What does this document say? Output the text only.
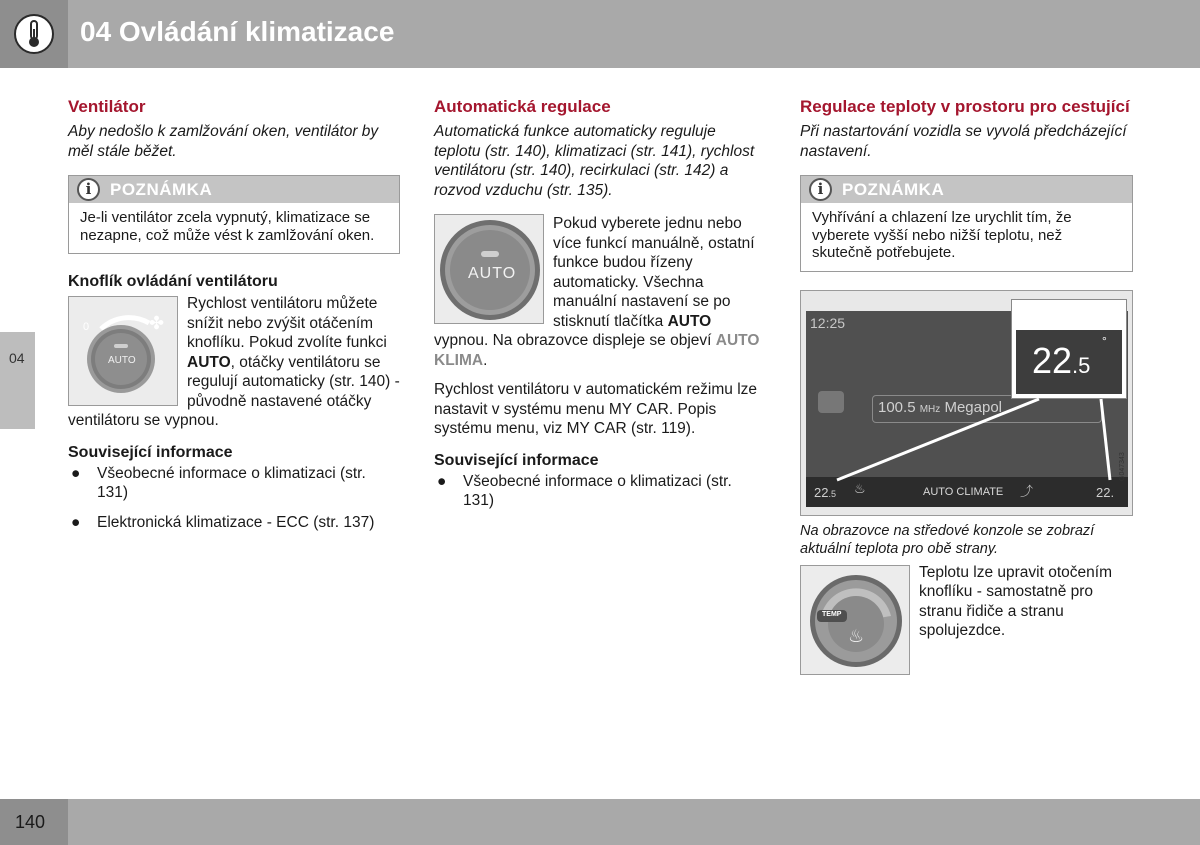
04 Ovládání klimatizace
04
Ventilátor
Aby nedošlo k zamlžování oken, ventilátor by měl stále běžet.
i	POZNÁMKA
Je-li ventilátor zcela vypnutý, klimatizace se nezapne, což může vést k zamlžování oken.
Knoflík ovládání ventilátoru
0	✤
AUTO
Rychlost ventilátoru můžete snížit nebo zvýšit otáčením knoflíku. Pokud zvolíte funkci AUTO, otáčky ventilátoru se regulují automaticky (str. 140) - původně nastavené otáčky ventilátoru se vypnou.
Související informace
● Všeobecné informace o klimatizaci (str. 131)
● Elektronická klimatizace - ECC (str. 137)
Automatická regulace
Automatická funkce automaticky reguluje teplotu (str. 140), klimatizaci (str. 141), rychlost ventilátoru (str. 140), recirkulaci (str. 142) a rozvod vzduchu (str. 135).
AUTO
Pokud vyberete jednu nebo více funkcí manuálně, ostatní funkce budou řízeny automaticky. Všechna manuální nastavení se po stisknutí tlačítka AUTO vypnou. Na obrazovce displeje se objeví AUTO KLIMA.
Rychlost ventilátoru v automatickém režimu lze nastavit v systému menu MY CAR. Popis systému menu, viz MY CAR (str. 119).
Související informace
● Všeobecné informace o klimatizaci (str. 131)
Regulace teploty v prostoru pro cestující
Při nastartování vozidla se vyvolá předcházející nastavení.
i	POZNÁMKA
Vyhřívání a chlazení lze urychlit tím, že vyberete vyšší nebo nižší teplotu, než skutečně potřebujete.
12:25
100.5 MHz Megapol
22.5 ♨	AUTO CLIMATE ⤴	22.
22.5
°
G047343
Na obrazovce na středové konzole se zobrazí aktuální teplota pro obě strany.
TEMP
♨
Teplotu lze upravit otočením knoflíku - samostatně pro stranu řidiče a stranu spolujezdce.
140
